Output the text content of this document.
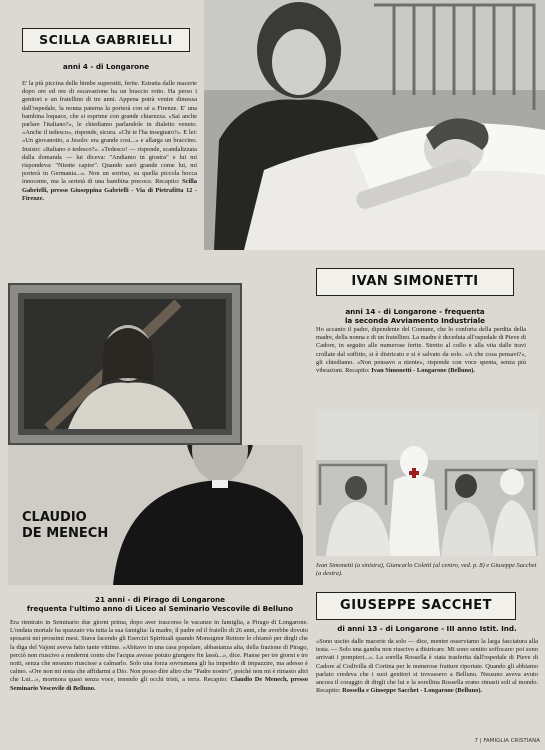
SCILLA GABRIELLI
anni 4 - di Longarone
E' la più piccina delle bimbe superstiti, ferite. Estratta dalle macerie dopo ore ed ore di escavazione ha un braccio rotto. Ha perso i genitori e un fratellino di tre anni. Appena potrà venire dimessa dall'ospedale, la nonna paterna la porterà con sè a Firenze. E' una bambina loquace, che si esprime con grande chiarezza. «Sai anche parlare l'italiano?», le chiediamo parlandole in dialetto veneto. «Anche il tedesco», risponde, sicura. «Chi te l'ha insegnato?». E lei: «Un giovanotto, a Jesolo: era grande così...» e allarga un braccino. Insisto: «Italiano o tedesco?». «Tedesco! — risponde, scandalizzata dalla domanda — lui diceva: "Andiamo in giostra" e lui mi rispondeva: "Niente capire". Quando sarò grande come lui, mi porterà in Germania...». Non un sorriso, su quella piccola bocca innocente, ma la serietà di una bambina precoce. Recapito: Scilla Gabrielli, presso Giuseppina Gabrielli - Via di Pietrafitta 12 - Firenze.
CLAUDIO
DE MENECH
21 anni - di Pirago di Longarone
frequenta l'ultimo anno di Liceo al Seminario Vescovile di Belluno
Era rientrato in Seminario due giorni prima, dopo aver trascorso le vacanze in famiglia, a Pirago di Longarone. L'ondata mortale ha spazzato via tutta la sua famiglia: la madre, il padre ed il fratello di 26 anni, che avrebbe dovuto sposarsi nei prossimi mesi. Stava facendo gli Esercizi Spirituali quando Monsignor Rettore lo chiamò per dirgli che la diga del Vajont aveva fatto tante vittime. «Abitavo in una casa popolare, abbastanza alta, della frazione di Pirago, perciò non riuscivo a rendermi conto che l'acqua avesse potuto giungere fin lassù...», dice. Pianse per tre giorni e tre notti, senza che nessuno riuscisse a calmarlo. Solo una forza sovrumana gli ha impedito di impazzire, ma adesso è calmo. «Ore non mi resta che affidarmi a Dio. Non posso dire altro che "Padre nostro", poichè non mi è rimasto altri che Lui...», mormora quasi senza voce, tenendo gli occhi tristi, a terra. Recapito: Claudio De Menech, presso Seminario Vescovile di Belluno.
IVAN SIMONETTI
anni 14 - di Longarone - frequenta
la seconda Avviamento Industriale
Ho accanto il padre, dipendente del Comune, che lo conforta della perdita della madre, della nonna e di un fratellino. La madre è deceduta all'ospedale di Pieve di Cadore, in seguito alle numerose ferite. Stretto al collo e alla vita dalle travi crollate dal soffitto, si è districato e si è salvato da solo. «A che cosa pensavi?», gli chiediamo. «Non pensavo a niente», risponde con voce spenta, senza più vibrazioni. Recapito: Ivan Simonetti - Longarone (Belluno).
Ivan Simonetti (a sinistra), Giancarlo Coletti (al centro, ved. p. 8) e Giuseppe Sacchet (a destra).
GIUSEPPE SACCHET
di anni 13 - di Longarone - III anno Istit. Ind.
«Sono uscito dalle macerie da solo — dice, mentre osserviamo la larga fasciatura alla testa. — Solo una gamba non riuscivo a districare. Mi sono sentito soffocare: poi sono arrivati i pompieri...». La sorella Rossella è stata trasferita dall'ospedale di Pieve di Cadore al Codivilla di Cortina per le numerose fratture riportate. Quando gli abbiamo parlato credeva che i suoi genitori si trovassero a Belluno. Nessuno aveva avuto ancora il coraggio di dirgli che lui e la sorellina Rossella erano rimasti soli al mondo. Recapito: Rossella e Giuseppe Sacchet - Longarone (Belluno).
7 | FAMIGLIA CRISTIANA
